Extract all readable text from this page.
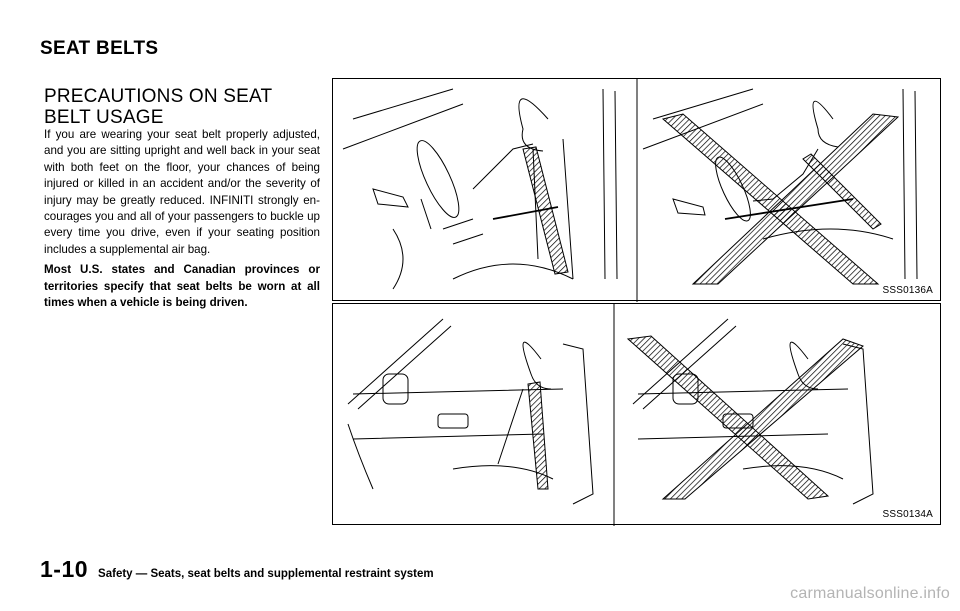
SEAT BELTS
PRECAUTIONS ON SEAT BELT USAGE

If you are wearing your seat belt properly adjusted, and you are sitting upright and well back in your seat with both feet on the floor, your chances of being injured or killed in an accident and/or the severity of injury may be greatly reduced. INFINITI strongly en-courages you and all of your passengers to buckle up every time you drive, even if your seating position includes a supplemental air bag.

Most U.S. states and Canadian provinces or territories specify that seat belts be worn at all times when a vehicle is being driven.

SSS0136A
SSS0134A
1-10 Safety — Seats, seat belts and supplemental restraint system
carmanualsonline.info
